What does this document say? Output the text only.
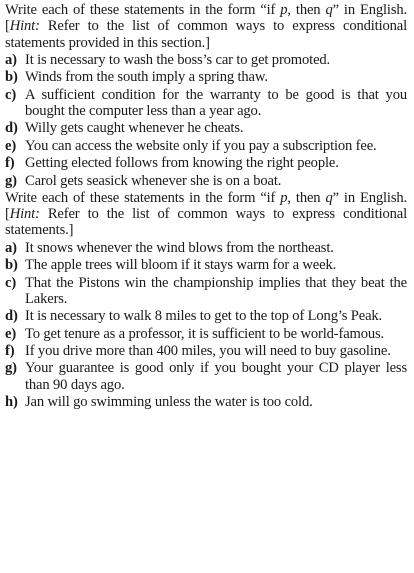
Write each of these statements in the form “if p, then q” in English. [Hint: Refer to the list of common ways to express conditional statements provided in this section.]

a) It is necessary to wash the boss’s car to get promoted.
b) Winds from the south imply a spring thaw.
c) A sufficient condition for the warranty to be good is that you bought the computer less than a year ago.
d) Willy gets caught whenever he cheats.
e) You can access the website only if you pay a subscription fee.
f) Getting elected follows from knowing the right people.
g) Carol gets seasick whenever she is on a boat.

Write each of these statements in the form “if p, then q” in English. [Hint: Refer to the list of common ways to express conditional statements.]

a) It snows whenever the wind blows from the northeast.
b) The apple trees will bloom if it stays warm for a week.
c) That the Pistons win the championship implies that they beat the Lakers.
d) It is necessary to walk 8 miles to get to the top of Long’s Peak.
e) To get tenure as a professor, it is sufficient to be world-famous.
f) If you drive more than 400 miles, you will need to buy gasoline.
g) Your guarantee is good only if you bought your CD player less than 90 days ago.
h) Jan will go swimming unless the water is too cold.
